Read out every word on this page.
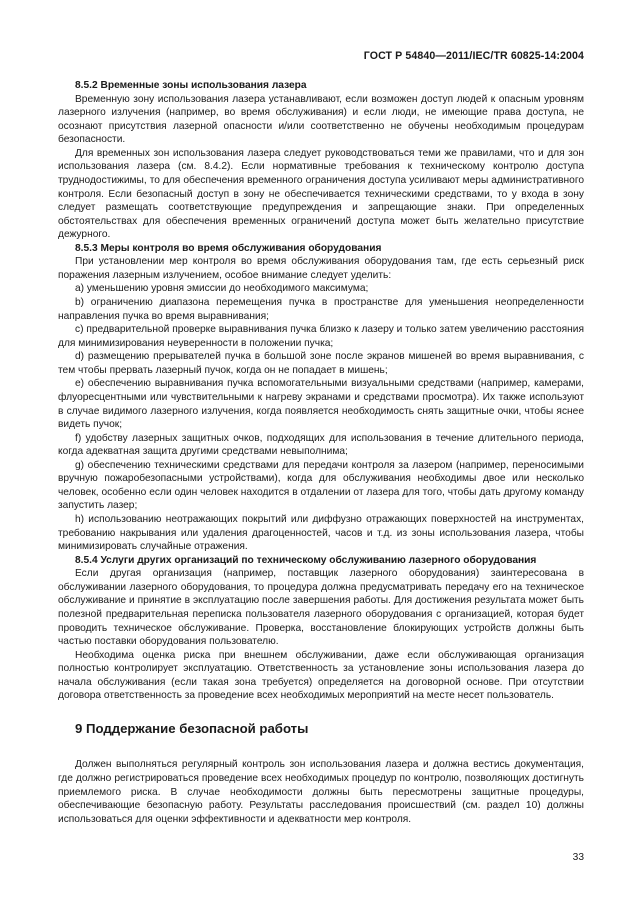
ГОСТ Р 54840—2011/IEC/TR 60825-14:2004

8.5.2 Временные зоны использования лазера

Временную зону использования лазера устанавливают, если возможен доступ людей к опасным уровням лазерного излучения (например, во время обслуживания) и если люди, не имеющие права доступа, не осознают присутствия лазерной опасности и/или соответственно не обучены необходимым процедурам безопасности.

Для временных зон использования лазера следует руководствоваться теми же правилами, что и для зон использования лазера (см. 8.4.2). Если нормативные требования к техническому контролю доступа труднодостижимы, то для обеспечения временного ограничения доступа усиливают меры административного контроля. Если безопасный доступ в зону не обеспечивается техническими средствами, то у входа в зону следует размещать соответствующие предупреждения и запрещающие знаки. При определенных обстоятельствах для обеспечения временных ограничений доступа может быть желательно присутствие дежурного.

8.5.3 Меры контроля во время обслуживания оборудования

При установлении мер контроля во время обслуживания оборудования там, где есть серьезный риск поражения лазерным излучением, особое внимание следует уделить:

a) уменьшению уровня эмиссии до необходимого максимума;

b) ограничению диапазона перемещения пучка в пространстве для уменьшения неопределенности направления пучка во время выравнивания;

c) предварительной проверке выравнивания пучка близко к лазеру и только затем увеличению расстояния для минимизирования неуверенности в положении пучка;

d) размещению прерывателей пучка в большой зоне после экранов мишеней во время выравнивания, с тем чтобы прервать лазерный пучок, когда он не попадает в мишень;

e) обеспечению выравнивания пучка вспомогательными визуальными средствами (например, камерами, флуоресцентными или чувствительными к нагреву экранами и средствами просмотра). Их также используют в случае видимого лазерного излучения, когда появляется необходимость снять защитные очки, чтобы яснее видеть пучок;

f) удобству лазерных защитных очков, подходящих для использования в течение длительного периода, когда адекватная защита другими средствами невыполнима;

g) обеспечению техническими средствами для передачи контроля за лазером (например, переносимыми вручную пожаробезопасными устройствами), когда для обслуживания необходимы двое или несколько человек, особенно если один человек находится в отдалении от лазера для того, чтобы дать другому команду запустить лазер;

h) использованию неотражающих покрытий или диффузно отражающих поверхностей на инструментах, требованию накрывания или удаления драгоценностей, часов и т.д. из зоны использования лазера, чтобы минимизировать случайные отражения.

8.5.4 Услуги других организаций по техническому обслуживанию лазерного оборудования

Если другая организация (например, поставщик лазерного оборудования) заинтересована в обслуживании лазерного оборудования, то процедура должна предусматривать передачу его на техническое обслуживание и принятие в эксплуатацию после завершения работы. Для достижения результата может быть полезной предварительная переписка пользователя лазерного оборудования с организацией, которая будет проводить техническое обслуживание. Проверка, восстановление блокирующих устройств должны быть частью поставки оборудования пользователю.

Необходима оценка риска при внешнем обслуживании, даже если обслуживающая организация полностью контролирует эксплуатацию. Ответственность за установление зоны использования лазера до начала обслуживания (если такая зона требуется) определяется на договорной основе. При отсутствии договора ответственность за проведение всех необходимых мероприятий на месте несет пользователь.

9 Поддержание безопасной работы

Должен выполняться регулярный контроль зон использования лазера и должна вестись документация, где должно регистрироваться проведение всех необходимых процедур по контролю, позволяющих достигнуть приемлемого риска. В случае необходимости должны быть пересмотрены защитные процедуры, обеспечивающие безопасную работу. Результаты расследования происшествий (см. раздел 10) должны использоваться для оценки эффективности и адекватности мер контроля.

33
